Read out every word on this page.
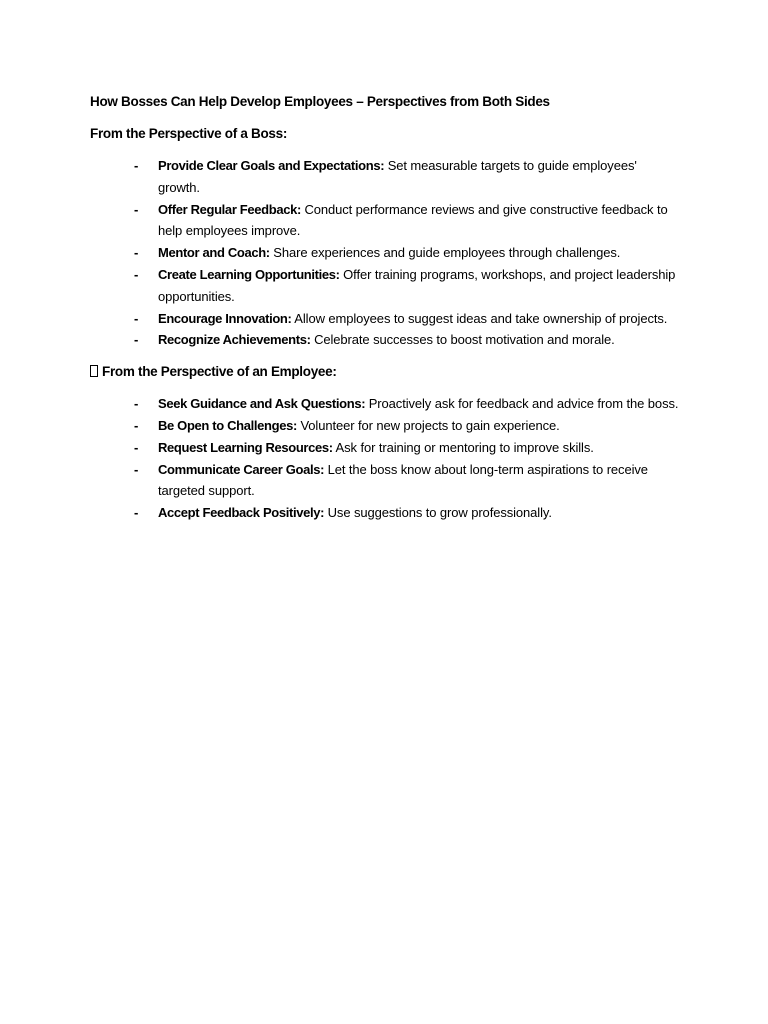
How Bosses Can Help Develop Employees – Perspectives from Both Sides
From the Perspective of a Boss:
- Provide Clear Goals and Expectations: Set measurable targets to guide employees' growth.
- Offer Regular Feedback: Conduct performance reviews and give constructive feedback to help employees improve.
- Mentor and Coach: Share experiences and guide employees through challenges.
- Create Learning Opportunities: Offer training programs, workshops, and project leadership opportunities.
- Encourage Innovation: Allow employees to suggest ideas and take ownership of projects.
- Recognize Achievements: Celebrate successes to boost motivation and morale.
From the Perspective of an Employee:
- Seek Guidance and Ask Questions: Proactively ask for feedback and advice from the boss.
- Be Open to Challenges: Volunteer for new projects to gain experience.
- Request Learning Resources: Ask for training or mentoring to improve skills.
- Communicate Career Goals: Let the boss know about long-term aspirations to receive targeted support.
- Accept Feedback Positively: Use suggestions to grow professionally.
